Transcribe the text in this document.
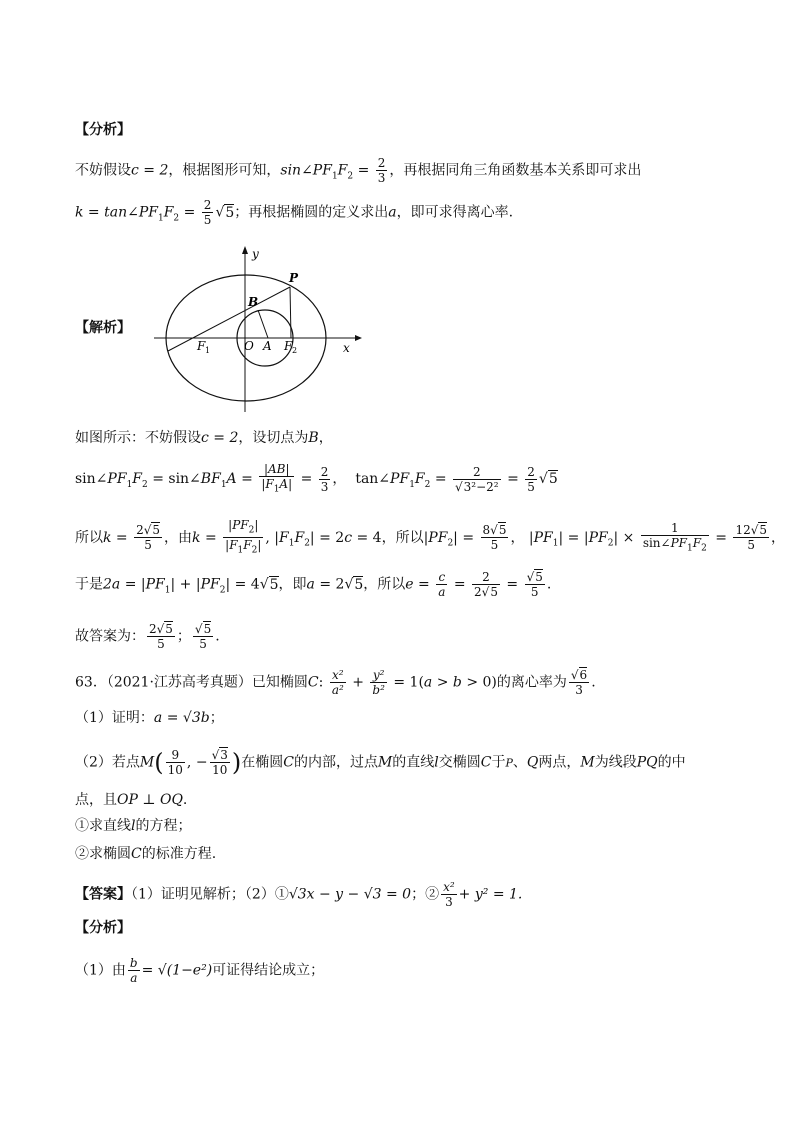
【分析】
不妨假设c = 2，根据图形可知，$\sin\angle PF_1F_2 = \frac{2}{3}$ ，再根据同角三角函数基本关系即可求出
$k = \tan\angle PF_1F_2 = \frac{2}{5} √5$；再根据椭圆的定义求出a，即可求得离心率.
【解析】
y
P
B
F 1	O A F 2	x
如图所示：不妨假设c = 2，设切点为B，
$\sin\angle PF_1F_2$ = $\sin\angle BF_1A = \frac{|AB|}{|F_1A|} = \frac{2}{3}$ ，  $\tan\angle PF_1F_2 = \frac{2}{\text{√3²−2²}} = \frac{2}{5} √5$
所以$k = \frac{2√5}{5}$ ，由$k = \frac{|PF_2|}{|F_1F_2|}$ , $|F_1F_2| = 2c = 4$，所以$|PF_2| = \frac{8√5}{5}$ ， $|PF_1| = |PF_2| \times \frac{1}{\sin\angle PF_1F_2} = \frac{12√5}{5}$ ，
于是$2a = |PF_1| + |PF_2| = 4√5$，即a = 2√5，所以$e = \frac{c}{a} = \frac{2}{2√5} = \frac{√5}{5}$ .
故答案为： $\frac{2√5}{5}$ ； $\frac{√5}{5}$ .
63．（2021·江苏高考真题）已知椭圆C: $\frac{\text{x²}}{\text{a²}} + \frac{\text{y²}}{\text{b²}} = 1(a > b > 0)$的离心率为 $\frac{√6}{3}$ .
（1）证明：a = √3b；
（2）若点$M( \frac{9}{10}$ , − $\frac{√3}{10}$ )在椭圆C的内部，过点M的直线l交椭圆C于P、Q两点，M为线段PQ的中
点，且OP ⊥ OQ.
①求直线l的方程；
②求椭圆C的标准方程.
【答案】（1）证明见解析；（2）①√3x − y − √3 = 0；② $\frac{\text{x²}}{3} + y^2 = 1$.
【分析】
（1）由 $\frac{b}{a} = √(1-e^2)$可证得结论成立；
